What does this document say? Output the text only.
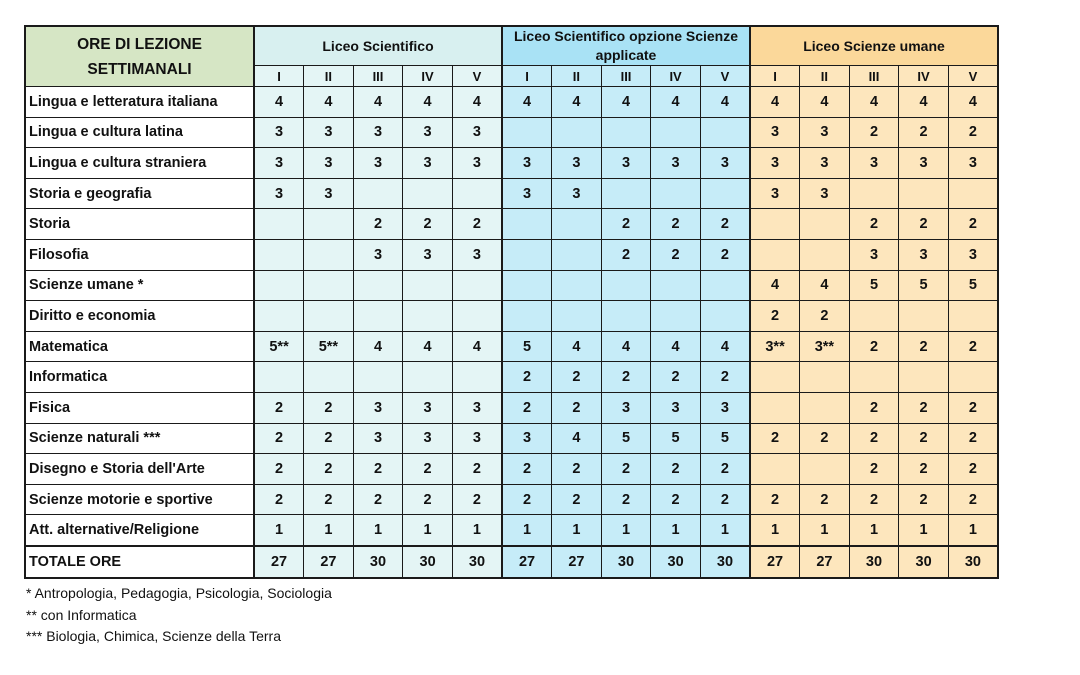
ORE DI LEZIONE SETTIMANALI	Liceo Scientifico					Liceo Scientifico opzione Scienze applicate					Liceo Scienze umane				
	I	II	III	IV	V	I	II	III	IV	V	I	II	III	IV	V
Lingua e letteratura italiana	4	4	4	4	4	4	4	4	4	4	4	4	4	4	4
Lingua e cultura latina	3	3	3	3	3						3	3	2	2	2
Lingua e cultura straniera	3	3	3	3	3	3	3	3	3	3	3	3	3	3	3
Storia e geografia	3	3				3	3				3	3			
Storia			2	2	2			2	2	2			2	2	2
Filosofia			3	3	3			2	2	2			3	3	3
Scienze umane *											4	4	5	5	5
Diritto e economia											2	2			
Matematica	5**	5**	4	4	4	5	4	4	4	4	3**	3**	2	2	2
Informatica						2	2	2	2	2					
Fisica	2	2	3	3	3	2	2	3	3	3			2	2	2
Scienze naturali ***	2	2	3	3	3	3	4	5	5	5	2	2	2	2	2
Disegno e Storia dell'Arte	2	2	2	2	2	2	2	2	2	2			2	2	2
Scienze motorie e sportive	2	2	2	2	2	2	2	2	2	2	2	2	2	2	2
Att. alternative/Religione	1	1	1	1	1	1	1	1	1	1	1	1	1	1	1
TOTALE ORE	27	27	30	30	30	27	27	30	30	30	27	27	30	30	30
* Antropologia, Pedagogia, Psicologia, Sociologia
** con Informatica
*** Biologia, Chimica, Scienze della Terra
